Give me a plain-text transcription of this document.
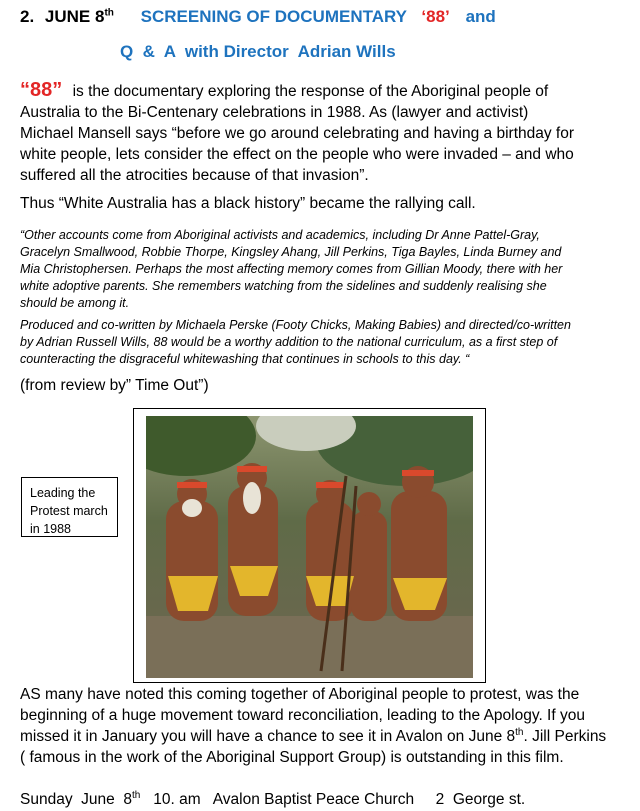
2. JUNE 8th SCREENING OF DOCUMENTARY ‘88’ and
Q  &  A  with Director  Adrian Wills
“88” is the documentary exploring the response of the Aboriginal people of Australia to the Bi-Centenary celebrations in 1988. As (lawyer and activist) Michael Mansell says “before we go around celebrating and having a birthday for white people, lets consider the effect on the people who were invaded – and who suffered all the atrocities because of that invasion”.
Thus “White Australia has a black history” became the rallying call.
“Other accounts come from Aboriginal activists and academics, including Dr Anne Pattel-Gray, Gracelyn Smallwood, Robbie Thorpe, Kingsley Ahang, Jill Perkins, Tiga Bayles, Linda Burney and Mia Christophersen. Perhaps the most affecting memory comes from Gillian Moody, there with her white adoptive parents. She remembers watching from the sidelines and suddenly realising she should be among it.
Produced and co-written by Michaela Perske (Footy Chicks, Making Babies) and directed/co-written by Adrian Russell Wills, 88 would be a worthy addition to the national curriculum, as a first step of counteracting the disgraceful whitewashing that continues in schools to this day. “
(from review by” Time Out”)
Leading the Protest march in 1988
AS many have noted this coming together of Aboriginal people to protest, was the beginning of a huge movement toward reconciliation, leading to the Apology. If you missed it in January you will have a chance to see it in Avalon on June 8th. Jill Perkins ( famous in the work of the Aboriginal Support Group) is outstanding in this film.
Sunday  June  8th   10. am   Avalon Baptist Peace Church     2  George st.
